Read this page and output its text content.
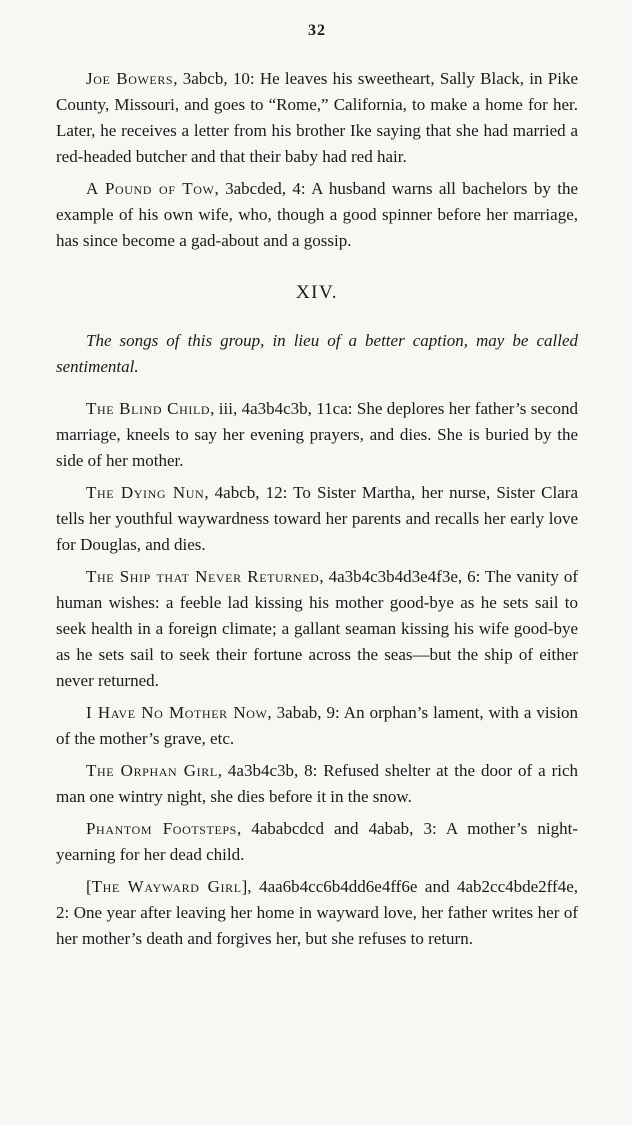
32

Joe Bowers, 3abcb, 10: He leaves his sweetheart, Sally Black, in Pike County, Missouri, and goes to “Rome,” California, to make a home for her. Later, he receives a letter from his brother Ike saying that she had married a red-headed butcher and that their baby had red hair.

A Pound of Tow, 3abcded, 4: A husband warns all bachelors by the example of his own wife, who, though a good spinner before her marriage, has since become a gad-about and a gossip.

XIV.

The songs of this group, in lieu of a better caption, may be called sentimental.

The Blind Child, iii, 4a3b4c3b, 11ca: She deplores her father’s second marriage, kneels to say her evening prayers, and dies. She is buried by the side of her mother.

The Dying Nun, 4abcb, 12: To Sister Martha, her nurse, Sister Clara tells her youthful waywardness toward her parents and recalls her early love for Douglas, and dies.

The Ship that Never Returned, 4a3b4c3b4d3e4f3e, 6: The vanity of human wishes: a feeble lad kissing his mother good-bye as he sets sail to seek health in a foreign climate; a gallant seaman kissing his wife good-bye as he sets sail to seek their fortune across the seas—but the ship of either never returned.

I Have No Mother Now, 3abab, 9: An orphan’s lament, with a vision of the mother’s grave, etc.

The Orphan Girl, 4a3b4c3b, 8: Refused shelter at the door of a rich man one wintry night, she dies before it in the snow.

Phantom Footsteps, 4ababcdcd and 4abab, 3: A mother’s night-yearning for her dead child.

[The Wayward Girl], 4aa6b4cc6b4dd6e4ff6e and 4ab2cc4bde2ff4e, 2: One year after leaving her home in wayward love, her father writes her of her mother’s death and forgives her, but she refuses to return.
